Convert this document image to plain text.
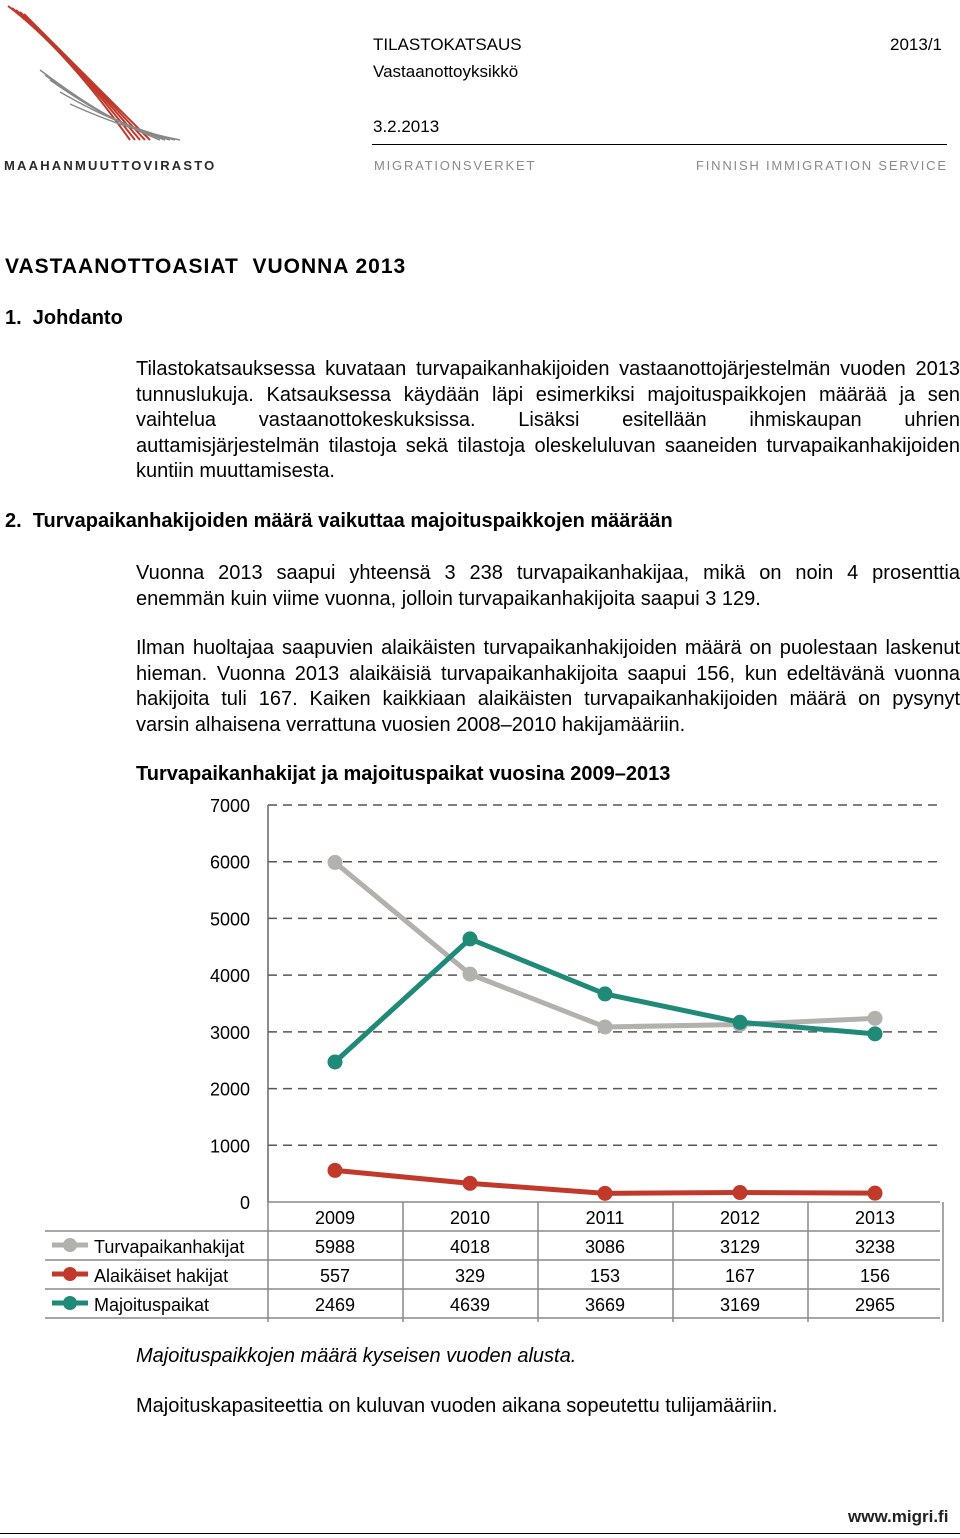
MAAHANMUUTTOVIRASTO	MIGRATIONSVERKET	FINNISH IMMIGRATION SERVICE
TILASTOKATSAUS
Vastaanottoyksikkö
3.2.2013
2013/1
VASTAANOTTOASIAT  VUONNA 2013
1.  Johdanto
Tilastokatsauksessa kuvataan turvapaikanhakijoiden vastaanottojärjestelmän vuoden 2013 tunnuslukuja. Katsauksessa käydään läpi esimerkiksi majoituspaikkojen määrää ja sen vaihtelua vastaanottokeskuksissa. Lisäksi esitellään ihmiskaupan uhrien auttamisjärjestelmän tilastoja sekä tilastoja oleskeluluvan saaneiden turvapaikanhakijoiden kuntiin muuttamisesta.
2.  Turvapaikanhakijoiden määrä vaikuttaa majoituspaikkojen määrään
Vuonna 2013 saapui yhteensä 3 238 turvapaikanhakijaa, mikä on noin 4 prosenttia enemmän kuin viime vuonna, jolloin turvapaikanhakijoita saapui 3 129.
Ilman huoltajaa saapuvien alaikäisten turvapaikanhakijoiden määrä on puolestaan laskenut hieman. Vuonna 2013 alaikäisiä turvapaikanhakijoita saapui 156, kun edeltävänä vuonna hakijoita tuli 167. Kaiken kaikkiaan alaikäisten turvapaikanhakijoiden määrä on pysynyt varsin alhaisena verrattuna vuosien 2008–2010 hakijamääriin.
Turvapaikanhakijat ja majoituspaikat vuosina 2009–2013
0
1000
2000
3000
4000
5000
6000
7000
2009	2010	2011	2012	2013
Turvapaikanhakijat	5988	4018	3086	3129	3238
Alaikäiset hakijat	557	329	153	167	156
Majoituspaikat	2469	4639	3669	3169	2965
Majoituspaikkojen määrä kyseisen vuoden alusta.
Majoituskapasiteettia on kuluvan vuoden aikana sopeutettu tulijamääriin.
www.migri.fi
